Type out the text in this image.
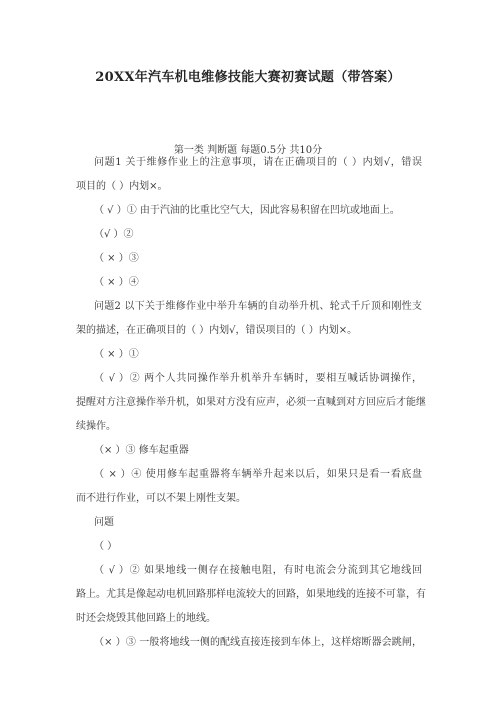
20XX年汽车机电维修技能大赛初赛试题（带答案）
第一类 判断题 每题0.5分 共10分
问题1 关于维修作业上的注意事项，请在正确项目的（ ）内划√，错误
项目的（ ）内划×。
（ √ ）① 由于汽油的比重比空气大，因此容易积留在凹坑或地面上。
（√ ）②
（ × ）③
（ × ）④
问题2 以下关于维修作业中举升车辆的自动举升机、轮式千斤顶和刚性支
架的描述，在正确项目的（ ）内划√，错误项目的（ ）内划×。
（ × ）①
（ √ ）② 两个人共同操作举升机举升车辆时，要相互喊话协调操作，
提醒对方注意操作举升机，如果对方没有应声，必须一直喊到对方回应后才能继
续操作。
（× ）③ 修车起重器
（ × ）④ 使用修车起重器将车辆举升起来以后，如果只是看一看底盘
而不进行作业，可以不架上刚性支架。
问题
（ ）
（ √ ）② 如果地线一侧存在接触电阻，有时电流会分流到其它地线回
路上。尤其是像起动电机回路那样电流较大的回路，如果地线的连接不可靠，有
时还会烧毁其他回路上的地线。
（× ）③ 一般将地线一侧的配线直接连接到车体上，这样熔断器会跳闸，
